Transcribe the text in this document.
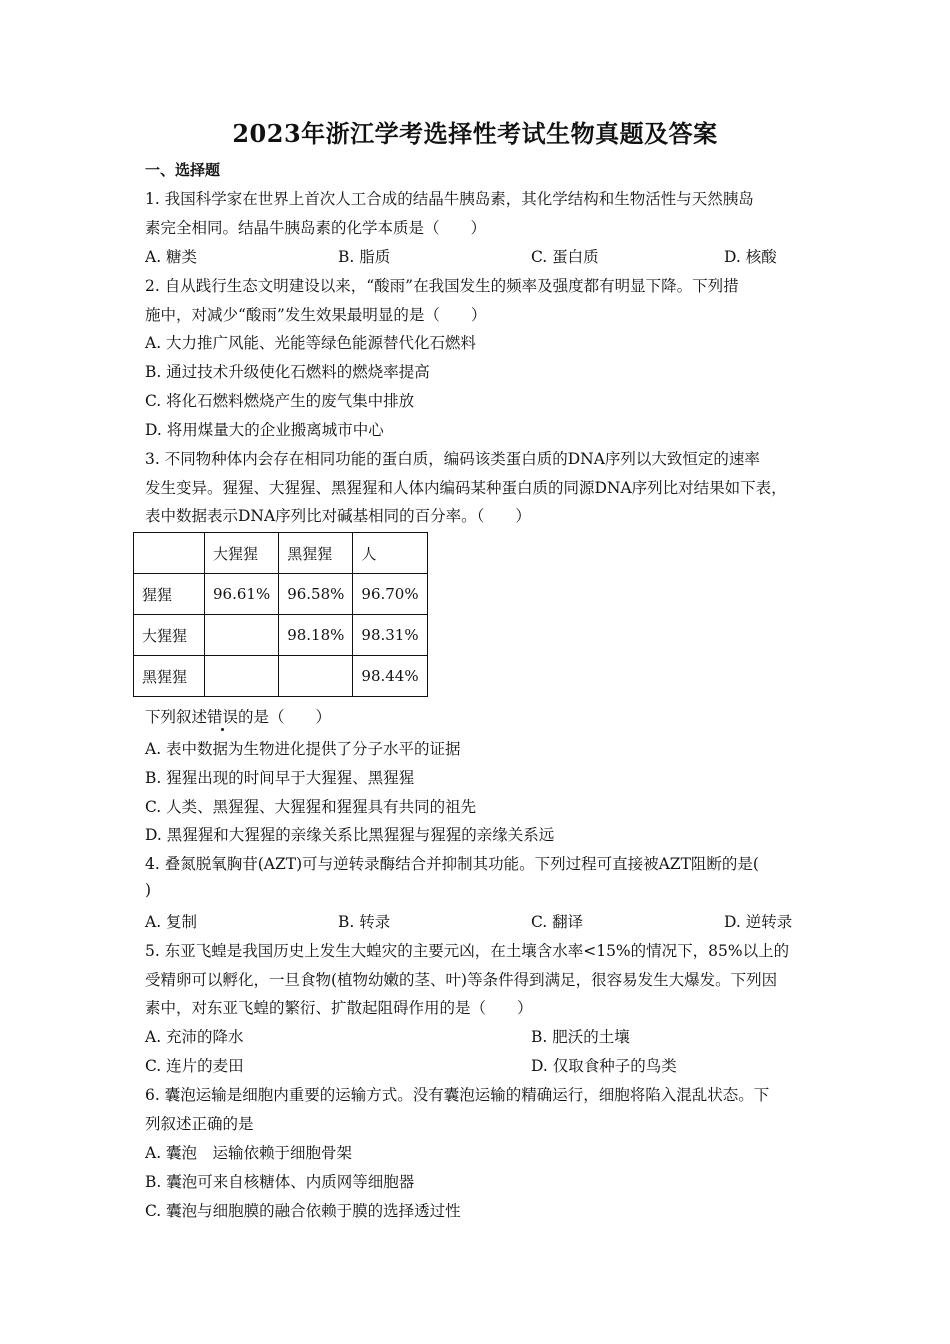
2023年浙江学考选择性考试生物真题及答案
一、选择题
1. 我国科学家在世界上首次人工合成的结晶牛胰岛素，其化学结构和生物活性与天然胰岛
素完全相同。结晶牛胰岛素的化学本质是（　　）
A. 糖类	B. 脂质	C. 蛋白质	D. 核酸
2. 自从践行生态文明建设以来，“酸雨”在我国发生的频率及强度都有明显下降。下列措
施中，对减少“酸雨”发生效果最明显的是（　　）
A. 大力推广风能、光能等绿色能源替代化石燃料
B. 通过技术升级使化石燃料的燃烧率提高
C. 将化石燃料燃烧产生的废气集中排放
D. 将用煤量大的企业搬离城市中心
3. 不同物种体内会存在相同功能的蛋白质，编码该类蛋白质的DNA序列以大致恒定的速率
发生变异。猩猩、大猩猩、黑猩猩和人体内编码某种蛋白质的同源DNA序列比对结果如下表，
表中数据表示DNA序列比对碱基相同的百分率。（　　）
	大猩猩	黑猩猩	人
猩猩	96.61%	96.58%	96.70%
大猩猩		98.18%	98.31%
黑猩猩			98.44%
下列叙述错误的是（　　）
A. 表中数据为生物进化提供了分子水平的证据
B. 猩猩出现的时间早于大猩猩、黑猩猩
C. 人类、黑猩猩、大猩猩和猩猩具有共同的祖先
D. 黑猩猩和大猩猩的亲缘关系比黑猩猩与猩猩的亲缘关系远
4. 叠氮脱氧胸苷(AZT)可与逆转录酶结合并抑制其功能。下列过程可直接被AZT阻断的是(
)
A. 复制	B. 转录	C. 翻译	D. 逆转录
5. 东亚飞蝗是我国历史上发生大蝗灾的主要元凶，在土壤含水率<15%的情况下，85%以上的
受精卵可以孵化，一旦食物(植物幼嫩的茎、叶)等条件得到满足，很容易发生大爆发。下列因
素中，对东亚飞蝗的繁衍、扩散起阻碍作用的是（　　）
A. 充沛的降水	B. 肥沃的土壤
C. 连片的麦田	D. 仅取食种子的鸟类
6. 囊泡运输是细胞内重要的运输方式。没有囊泡运输的精确运行，细胞将陷入混乱状态。下
列叙述正确的是
A. 囊泡　运输依赖于细胞骨架
B. 囊泡可来自核糖体、内质网等细胞器
C. 囊泡与细胞膜的融合依赖于膜的选择透过性
